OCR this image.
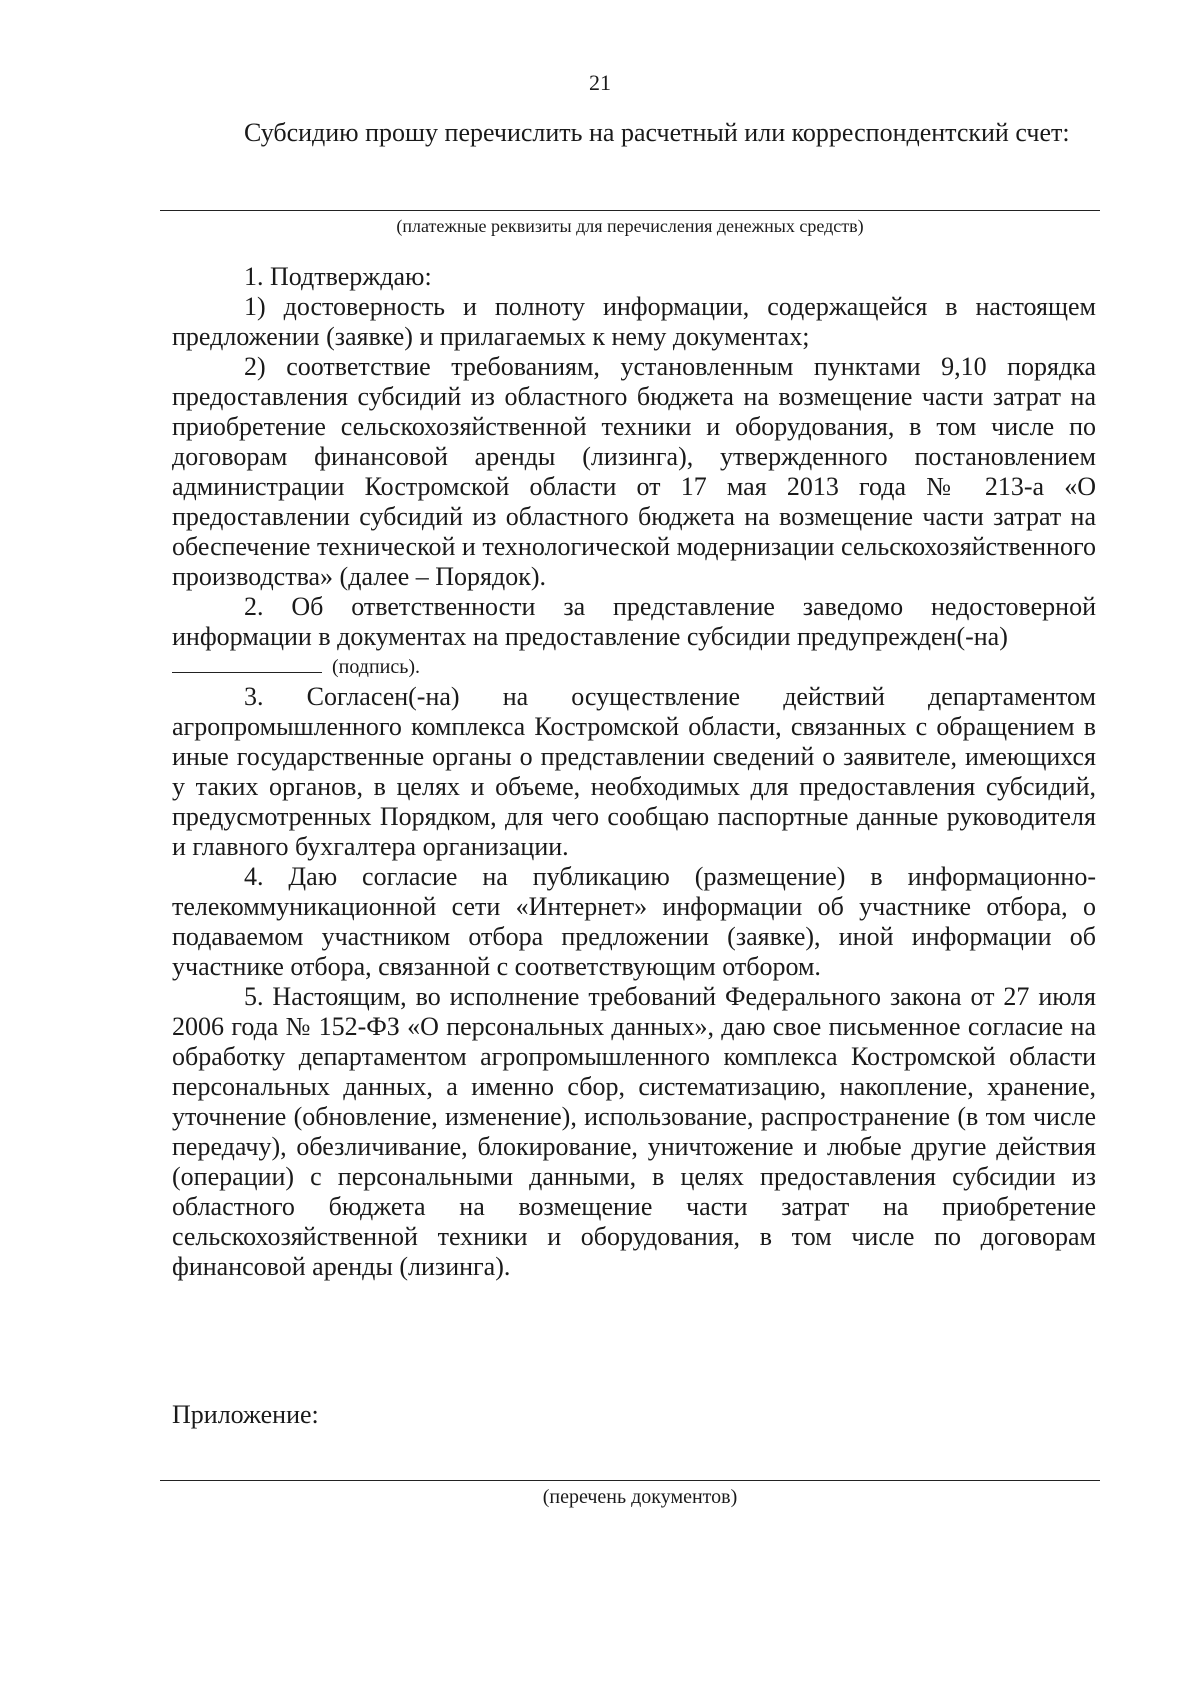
21

Субсидию прошу перечислить на расчетный или корреспондентский счет:

(платежные реквизиты для перечисления денежных средств)

1. Подтверждаю:

1) достоверность и полноту информации, содержащейся в настоящем предложении (заявке) и прилагаемых к нему документах;

2) соответствие требованиям, установленным пунктами 9,10 порядка предоставления субсидий из областного бюджета на возмещение части затрат на приобретение сельскохозяйственной техники и оборудования, в том числе по договорам финансовой аренды (лизинга), утвержденного постановлением администрации Костромской области от 17 мая 2013 года № 213-а «О предоставлении субсидий из областного бюджета на возмещение части затрат на обеспечение технической и технологической модернизации сельскохозяйственного производства» (далее – Порядок).

2. Об ответственности за представление заведомо недостоверной информации в документах на предоставление субсидии предупрежден(-на)

(подпись).

3. Согласен(-на) на осуществление действий департаментом агропромышленного комплекса Костромской области, связанных с обращением в иные государственные органы о представлении сведений о заявителе, имеющихся у таких органов, в целях и объеме, необходимых для предоставления субсидий, предусмотренных Порядком, для чего сообщаю паспортные данные руководителя и главного бухгалтера организации.

4. Даю согласие на публикацию (размещение) в информационно-телекоммуникационной сети «Интернет» информации об участнике отбора, о подаваемом участником отбора предложении (заявке), иной информации об участнике отбора, связанной с соответствующим отбором.

5. Настоящим, во исполнение требований Федерального закона от 27 июля 2006 года № 152-ФЗ «О персональных данных», даю свое письменное согласие на обработку департаментом агропромышленного комплекса Костромской области персональных данных, а именно сбор, систематизацию, накопление, хранение, уточнение (обновление, изменение), использование, распространение (в том числе передачу), обезличивание, блокирование, уничтожение и любые другие действия (операции) с персональными данными, в целях предоставления субсидии из областного бюджета на возмещение части затрат на приобретение сельскохозяйственной техники и оборудования, в том числе по договорам финансовой аренды (лизинга).

Приложение:

(перечень документов)
